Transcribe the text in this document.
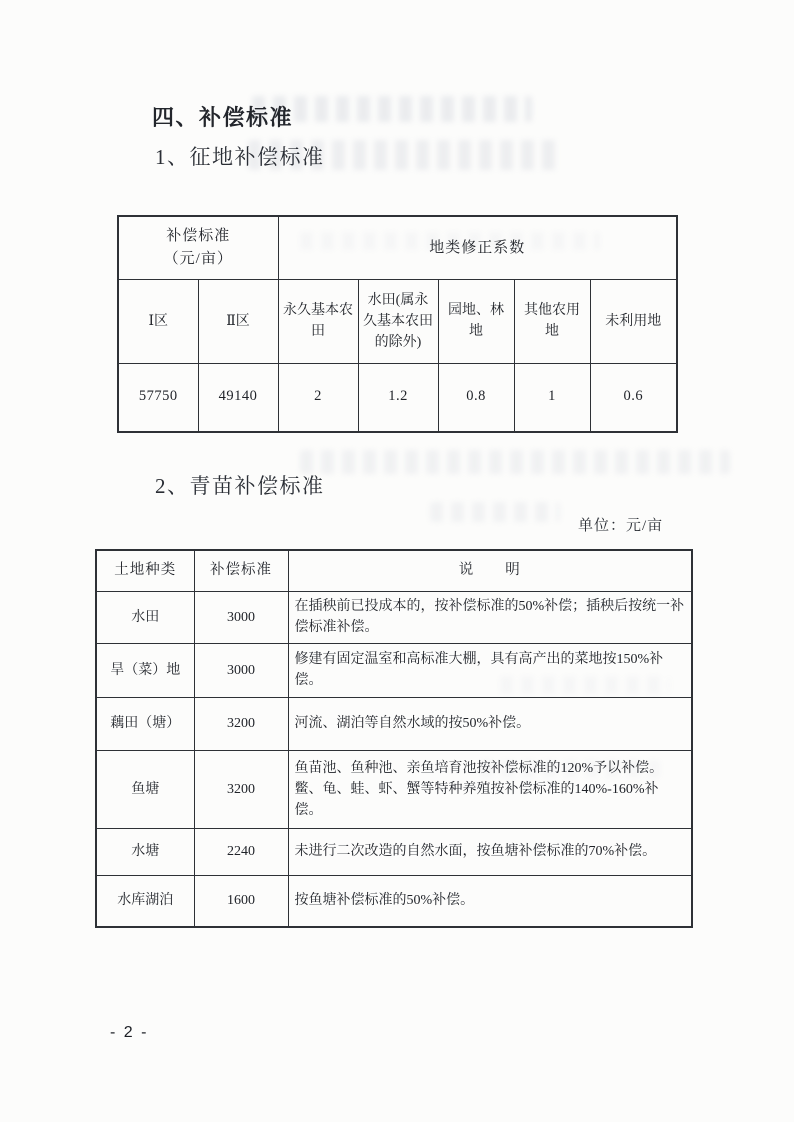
四、补偿标准
1、征地补偿标准
补偿标准
（元/亩）		地类修正系数				
Ⅰ区	Ⅱ区	永久基本农田	水田(属永久基本农田的除外)	园地、林地	其他农用地	未利用地
57750	49140	2	1.2	0.8	1	0.6
2、青苗补偿标准
单位：元/亩
土地种类	补偿标准	说　　明
水田	3000	在插秧前已投成本的，按补偿标准的50%补偿；插秧后按统一补偿标准补偿。
旱（菜）地	3000	修建有固定温室和高标准大棚，具有高产出的菜地按150%补偿。
藕田（塘）	3200	河流、湖泊等自然水域的按50%补偿。
鱼塘	3200	鱼苗池、鱼种池、亲鱼培育池按补偿标准的120%予以补偿。鳖、龟、蛙、虾、蟹等特种养殖按补偿标准的140%-160%补偿。
水塘	2240	未进行二次改造的自然水面，按鱼塘补偿标准的70%补偿。
水库湖泊	1600	按鱼塘补偿标准的50%补偿。
- 2 -
